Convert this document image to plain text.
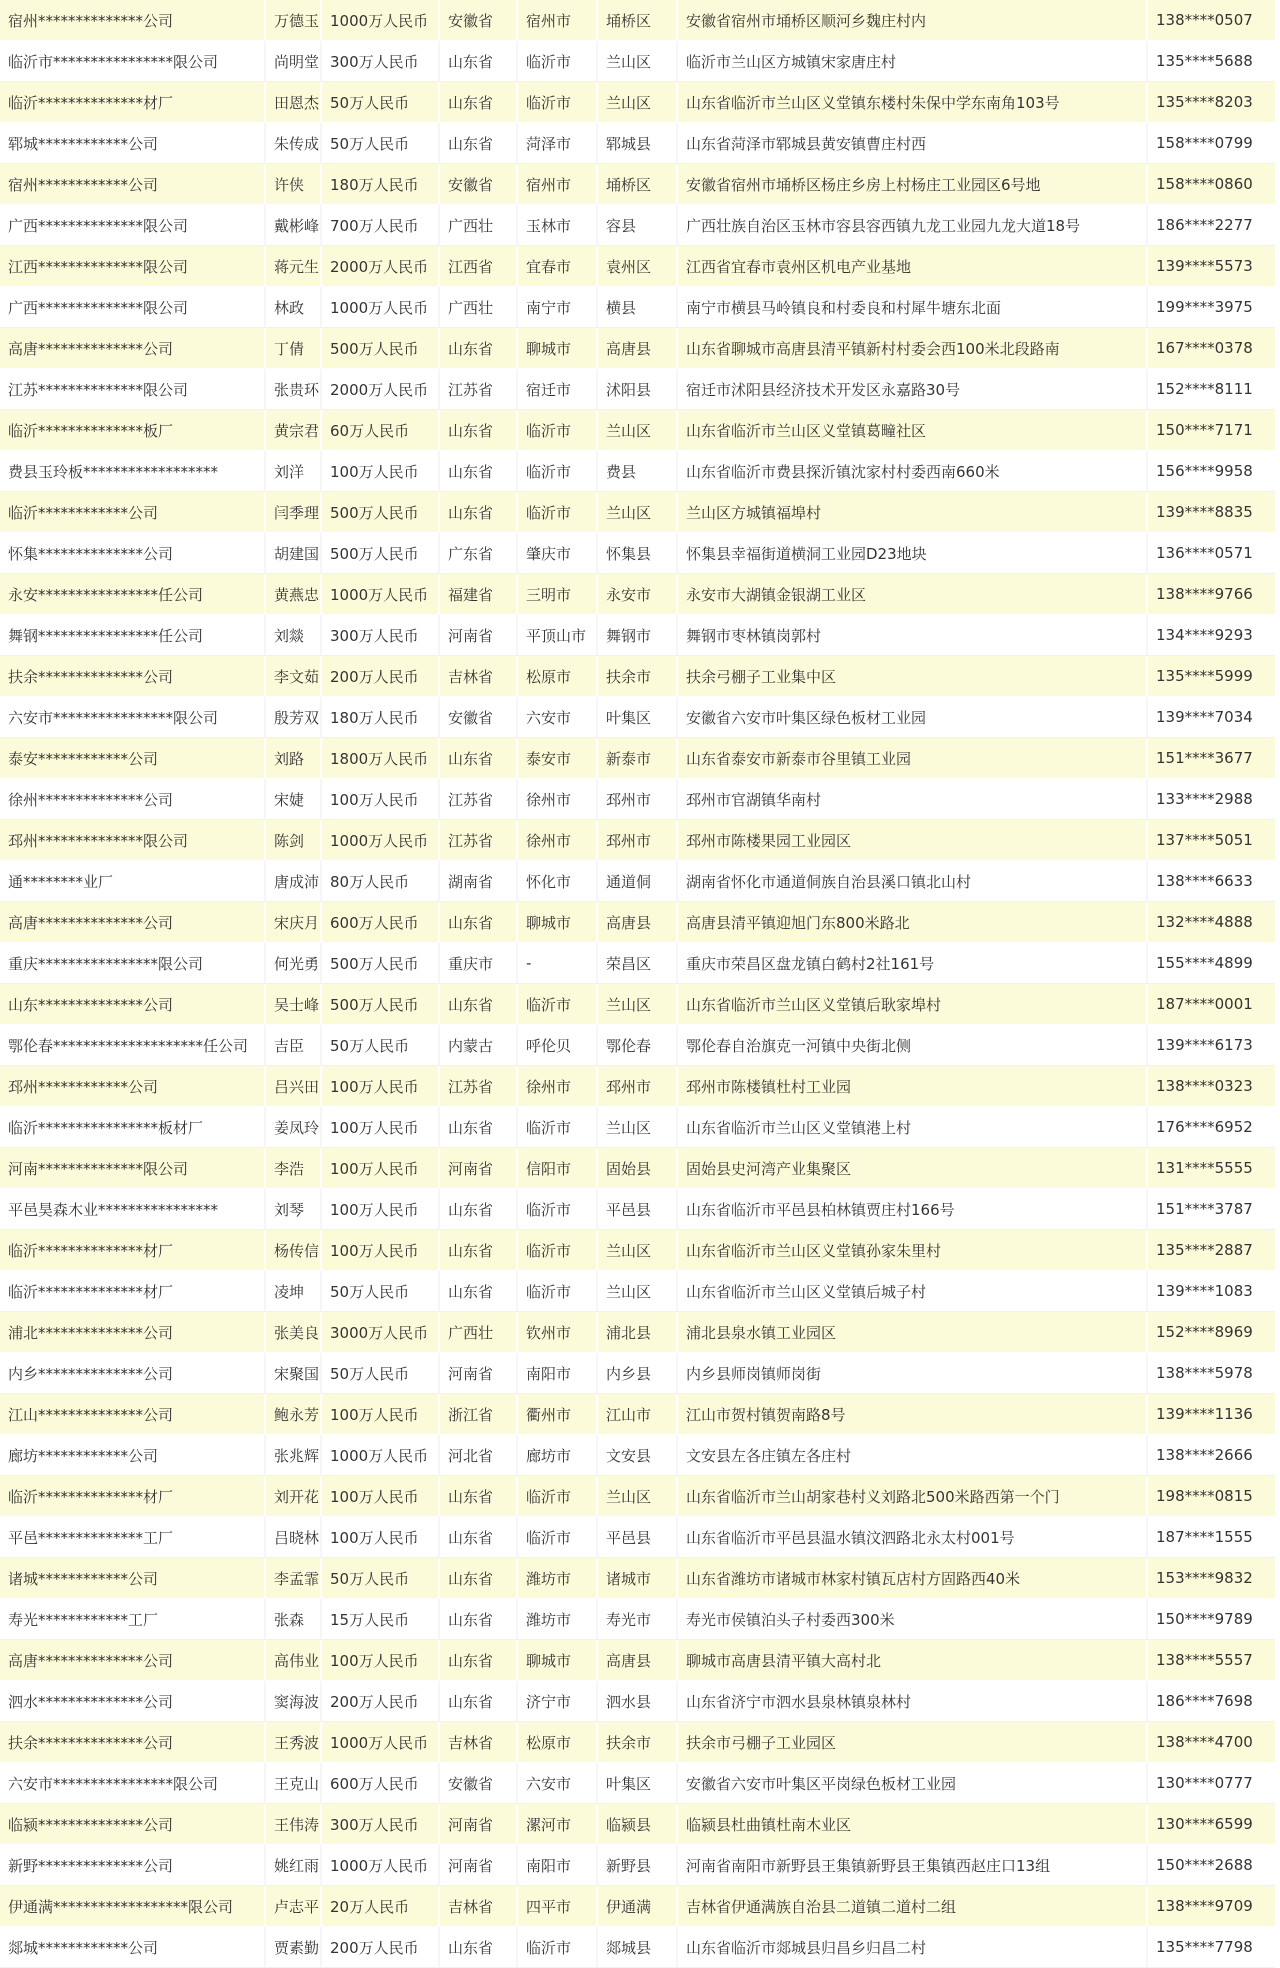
宿州**************公司	万德玉	1000万人民币	安徽省	宿州市	埇桥区	安徽省宿州市埇桥区顺河乡魏庄村内	138****0507
临沂市****************限公司	尚明堂	300万人民币	山东省	临沂市	兰山区	临沂市兰山区方城镇宋家唐庄村	135****5688
临沂**************材厂	田恩杰	50万人民币	山东省	临沂市	兰山区	山东省临沂市兰山区义堂镇东楼村朱保中学东南角103号	135****8203
郓城************公司	朱传成	50万人民币	山东省	菏泽市	郓城县	山东省菏泽市郓城县黄安镇曹庄村西	158****0799
宿州************公司	许侠	180万人民币	安徽省	宿州市	埇桥区	安徽省宿州市埇桥区杨庄乡房上村杨庄工业园区6号地	158****0860
广西**************限公司	戴彬峰	700万人民币	广西壮	玉林市	容县	广西壮族自治区玉林市容县容西镇九龙工业园九龙大道18号	186****2277
江西**************限公司	蒋元生	2000万人民币	江西省	宜春市	袁州区	江西省宜春市袁州区机电产业基地	139****5573
广西**************限公司	林政	1000万人民币	广西壮	南宁市	横县	南宁市横县马岭镇良和村委良和村犀牛塘东北面	199****3975
高唐**************公司	丁倩	500万人民币	山东省	聊城市	高唐县	山东省聊城市高唐县清平镇新村村委会西100米北段路南	167****0378
江苏**************限公司	张贵环	2000万人民币	江苏省	宿迁市	沭阳县	宿迁市沭阳县经济技术开发区永嘉路30号	152****8111
临沂**************板厂	黄宗君	60万人民币	山东省	临沂市	兰山区	山东省临沂市兰山区义堂镇葛疃社区	150****7171
费县玉玲板******************	刘洋	100万人民币	山东省	临沂市	费县	山东省临沂市费县探沂镇沈家村村委西南660米	156****9958
临沂************公司	闫季理	500万人民币	山东省	临沂市	兰山区	兰山区方城镇福埠村	139****8835
怀集**************公司	胡建国	500万人民币	广东省	肇庆市	怀集县	怀集县幸福街道横洞工业园D23地块	136****0571
永安****************任公司	黄燕忠	1000万人民币	福建省	三明市	永安市	永安市大湖镇金银湖工业区	138****9766
舞钢****************任公司	刘燚	300万人民币	河南省	平顶山市	舞钢市	舞钢市枣林镇岗郭村	134****9293
扶余**************公司	李文茹	200万人民币	吉林省	松原市	扶余市	扶余弓棚子工业集中区	135****5999
六安市****************限公司	殷芳双	180万人民币	安徽省	六安市	叶集区	安徽省六安市叶集区绿色板材工业园	139****7034
泰安************公司	刘路	1800万人民币	山东省	泰安市	新泰市	山东省泰安市新泰市谷里镇工业园	151****3677
徐州**************公司	宋婕	100万人民币	江苏省	徐州市	邳州市	邳州市官湖镇华南村	133****2988
邳州**************限公司	陈剑	1000万人民币	江苏省	徐州市	邳州市	邳州市陈楼果园工业园区	137****5051
通********业厂	唐成沛	80万人民币	湖南省	怀化市	通道侗	湖南省怀化市通道侗族自治县溪口镇北山村	138****6633
高唐**************公司	宋庆月	600万人民币	山东省	聊城市	高唐县	高唐县清平镇迎旭门东800米路北	132****4888
重庆****************限公司	何光勇	500万人民币	重庆市	-	荣昌区	重庆市荣昌区盘龙镇白鹤村2社161号	155****4899
山东**************公司	吴士峰	500万人民币	山东省	临沂市	兰山区	山东省临沂市兰山区义堂镇后耿家埠村	187****0001
鄂伦春********************任公司	吉臣	50万人民币	内蒙古	呼伦贝	鄂伦春	鄂伦春自治旗克一河镇中央街北侧	139****6173
邳州************公司	吕兴田	100万人民币	江苏省	徐州市	邳州市	邳州市陈楼镇杜村工业园	138****0323
临沂****************板材厂	姜凤玲	100万人民币	山东省	临沂市	兰山区	山东省临沂市兰山区义堂镇港上村	176****6952
河南**************限公司	李浩	100万人民币	河南省	信阳市	固始县	固始县史河湾产业集聚区	131****5555
平邑昊森木业****************	刘琴	100万人民币	山东省	临沂市	平邑县	山东省临沂市平邑县柏林镇贾庄村166号	151****3787
临沂**************材厂	杨传信	100万人民币	山东省	临沂市	兰山区	山东省临沂市兰山区义堂镇孙家朱里村	135****2887
临沂**************材厂	凌坤	50万人民币	山东省	临沂市	兰山区	山东省临沂市兰山区义堂镇后城子村	139****1083
浦北**************公司	张美良	3000万人民币	广西壮	钦州市	浦北县	浦北县泉水镇工业园区	152****8969
内乡**************公司	宋聚国	50万人民币	河南省	南阳市	内乡县	内乡县师岗镇师岗街	138****5978
江山**************公司	鲍永芳	100万人民币	浙江省	衢州市	江山市	江山市贺村镇贺南路8号	139****1136
廊坊************公司	张兆辉	1000万人民币	河北省	廊坊市	文安县	文安县左各庄镇左各庄村	138****2666
临沂**************材厂	刘开花	100万人民币	山东省	临沂市	兰山区	山东省临沂市兰山胡家巷村义刘路北500米路西第一个门	198****0815
平邑**************工厂	吕晓林	100万人民币	山东省	临沂市	平邑县	山东省临沂市平邑县温水镇汶泗路北永太村001号	187****1555
诸城************公司	李孟霏	50万人民币	山东省	潍坊市	诸城市	山东省潍坊市诸城市林家村镇瓦店村方固路西40米	153****9832
寿光************工厂	张森	15万人民币	山东省	潍坊市	寿光市	寿光市侯镇泊头子村委西300米	150****9789
高唐**************公司	高伟业	100万人民币	山东省	聊城市	高唐县	聊城市高唐县清平镇大高村北	138****5557
泗水**************公司	窦海波	200万人民币	山东省	济宁市	泗水县	山东省济宁市泗水县泉林镇泉林村	186****7698
扶余**************公司	王秀波	1000万人民币	吉林省	松原市	扶余市	扶余市弓棚子工业园区	138****4700
六安市****************限公司	王克山	600万人民币	安徽省	六安市	叶集区	安徽省六安市叶集区平岗绿色板材工业园	130****0777
临颍**************公司	王伟涛	300万人民币	河南省	漯河市	临颍县	临颍县杜曲镇杜南木业区	130****6599
新野**************公司	姚红雨	1000万人民币	河南省	南阳市	新野县	河南省南阳市新野县王集镇新野县王集镇西赵庄口13组	150****2688
伊通满******************限公司	卢志平	20万人民币	吉林省	四平市	伊通满	吉林省伊通满族自治县二道镇二道村二组	138****9709
郯城************公司	贾素勤	200万人民币	山东省	临沂市	郯城县	山东省临沂市郯城县归昌乡归昌二村	135****7798
